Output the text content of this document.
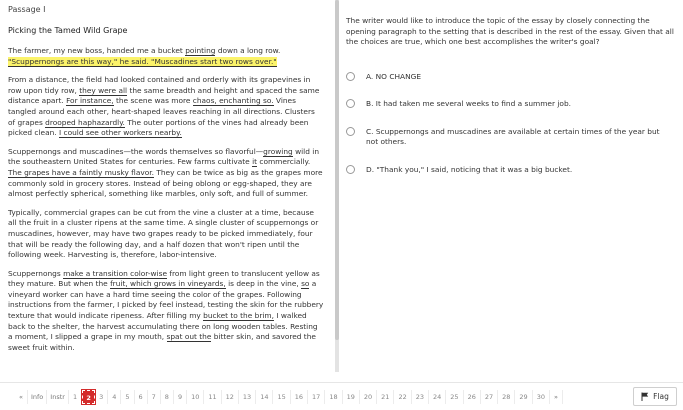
Passage I
Picking the Tamed Wild Grape

The farmer, my new boss, handed me a bucket pointing down a long row.
"Scuppernongs are this way," he said. "Muscadines start two rows over."

From a distance, the field had looked contained and orderly with its grapevines in row upon tidy row, they were all the same breadth and height and spaced the same distance apart. For instance, the scene was more chaos, enchanting so. Vines tangled around each other, heart-shaped leaves reaching in all directions. Clusters of grapes drooped haphazardly. The outer portions of the vines had already been picked clean. I could see other workers nearby.

Scuppernongs and muscadines—the words themselves so flavorful—growing wild in the southeastern United States for centuries. Few farms cultivate it commercially. The grapes have a faintly musky flavor. They can be twice as big as the grapes more commonly sold in grocery stores. Instead of being oblong or egg-shaped, they are almost perfectly spherical, something like marbles, only soft, and full of summer.

Typically, commercial grapes can be cut from the vine a cluster at a time, because all the fruit in a cluster ripens at the same time. A single cluster of scuppernongs or muscadines, however, may have two grapes ready to be picked immediately, four that will be ready the following day, and a half dozen that won't ripen until the following week. Harvesting is, therefore, labor-intensive.

Scuppernongs make a transition color-wise from light green to translucent yellow as they mature. But when the fruit, which grows in vineyards, is deep in the vine, so a vineyard worker can have a hard time seeing the color of the grapes. Following instructions from the farmer, I picked by feel instead, testing the skin for the rubbery texture that would indicate ripeness. After filling my bucket to the brim, I walked back to the shelter, the harvest accumulating there on long wooden tables. Resting a moment, I slipped a grape in my mouth, spat out the bitter skin, and savored the sweet fruit within.

The writer would like to introduce the topic of the essay by closely connecting the opening paragraph to the setting that is described in the rest of the essay. Given that all the choices are true, which one best accomplishes the writer's goal?
A. NO CHANGE
B. It had taken me several weeks to find a summer job.
C. Scuppernongs and muscadines are available at certain times of the year but not others.
D. "Thank you," I said, noticing that it was a big bucket.
«	Info	Instr	1	2	3	4	5	6	7	8	9	10	11	12	13	14	15	16	17	18	19	20	21	22	23	24	25	26	27	28	29	30	»	Flag
